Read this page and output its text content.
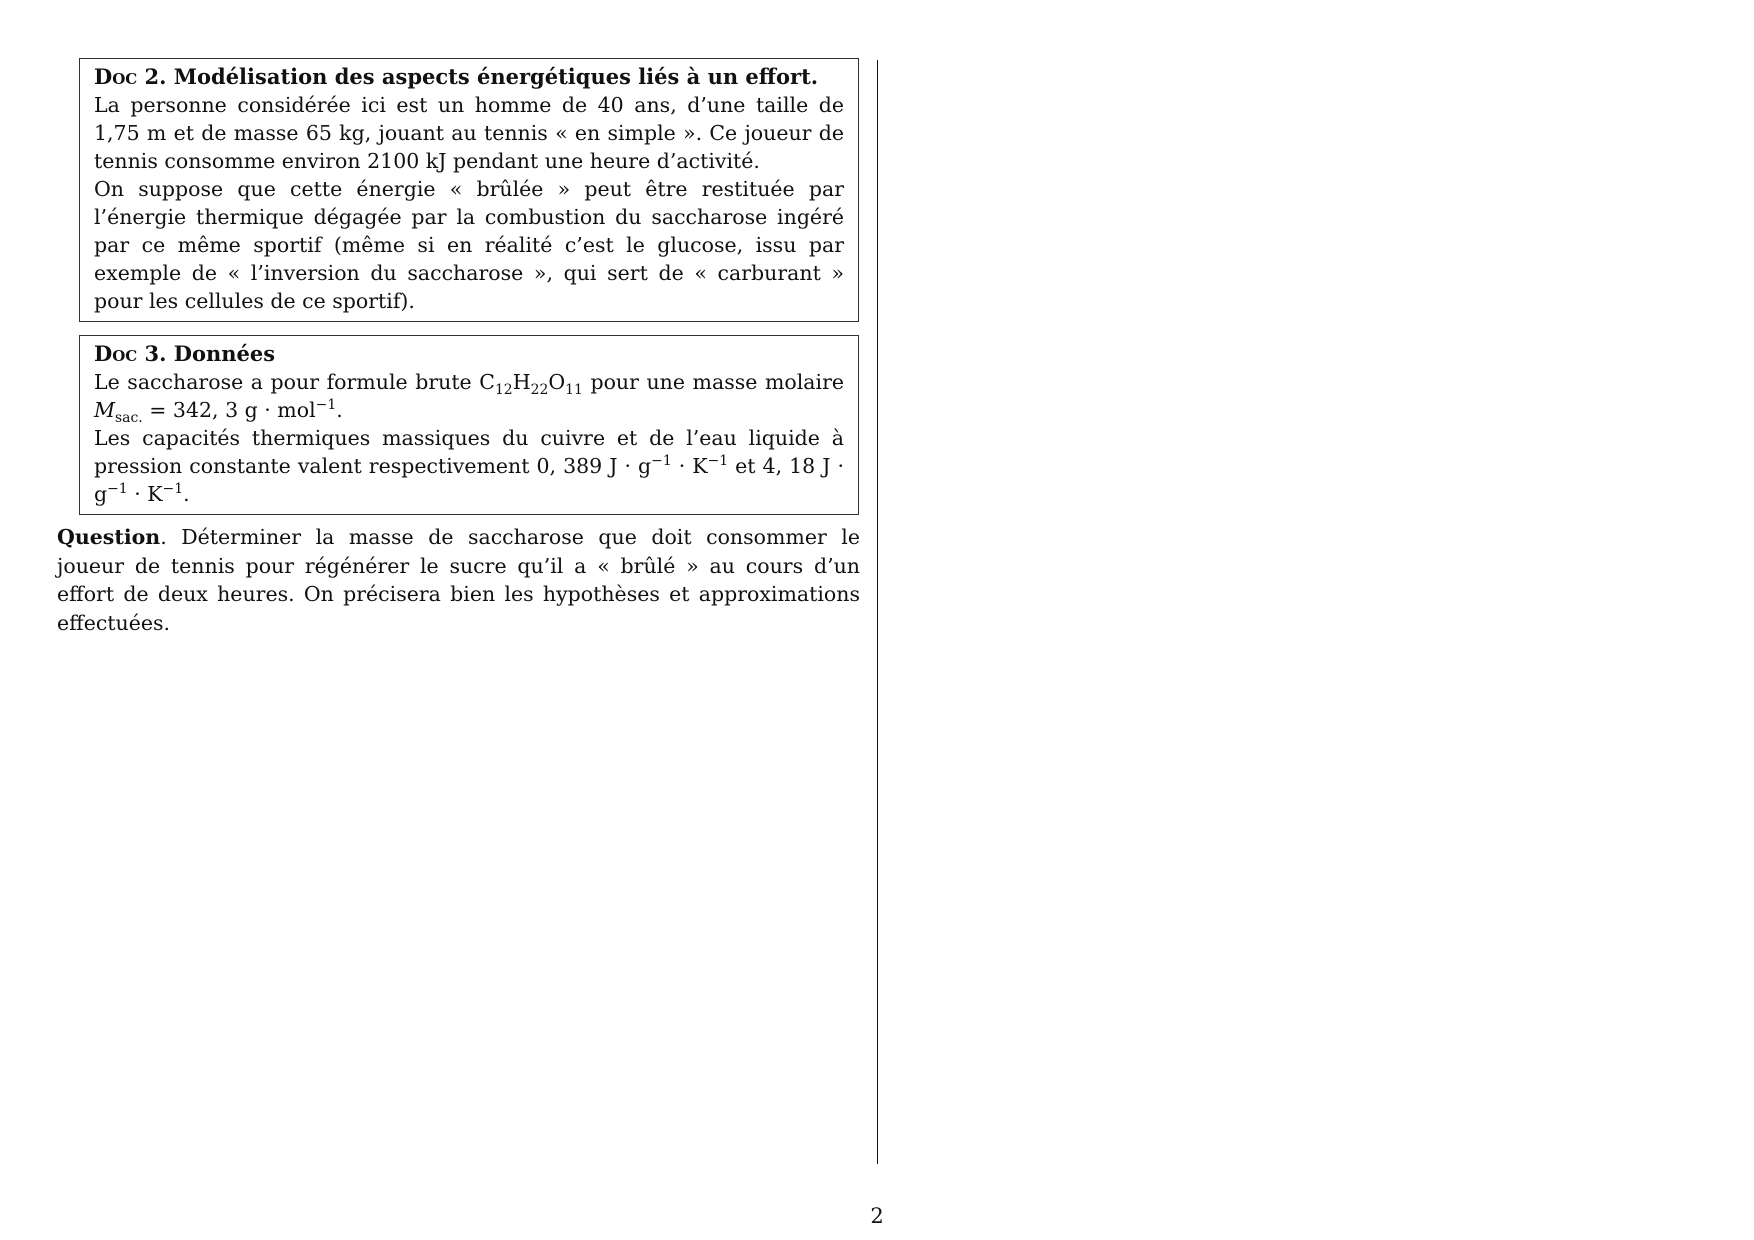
Doc 2. Modélisation des aspects énergétiques liés à un effort.

La personne considérée ici est un homme de 40 ans, d’une taille de 1,75 m et de masse 65 kg, jouant au tennis « en simple ». Ce joueur de tennis consomme environ 2100 kJ pendant une heure d’activité.

On suppose que cette énergie « brûlée » peut être restituée par l’énergie thermique dégagée par la combustion du saccharose ingéré par ce même sportif (même si en réalité c’est le glucose, issu par exemple de « l’inversion du saccharose », qui sert de « carburant » pour les cellules de ce sportif).

Doc 3. Données

Le saccharose a pour formule brute $C_{12}H_{22}O_{11}$ pour une masse molaire $M_{sac.} = 342$, 3 g · mol$^{-1}$.

Les capacités thermiques massiques du cuivre et de l’eau liquide à pression constante valent respectivement 0, 389 $J \cdot g^{-1} \cdot K^{-1}$ et 4, 18 $J \cdot g^{-1} \cdot K^{-1}$.

Question. Déterminer la masse de saccharose que doit consommer le joueur de tennis pour régénérer le sucre qu’il a « brûlé » au cours d’un effort de deux heures. On précisera bien les hypothèses et approximations effectuées.
2
